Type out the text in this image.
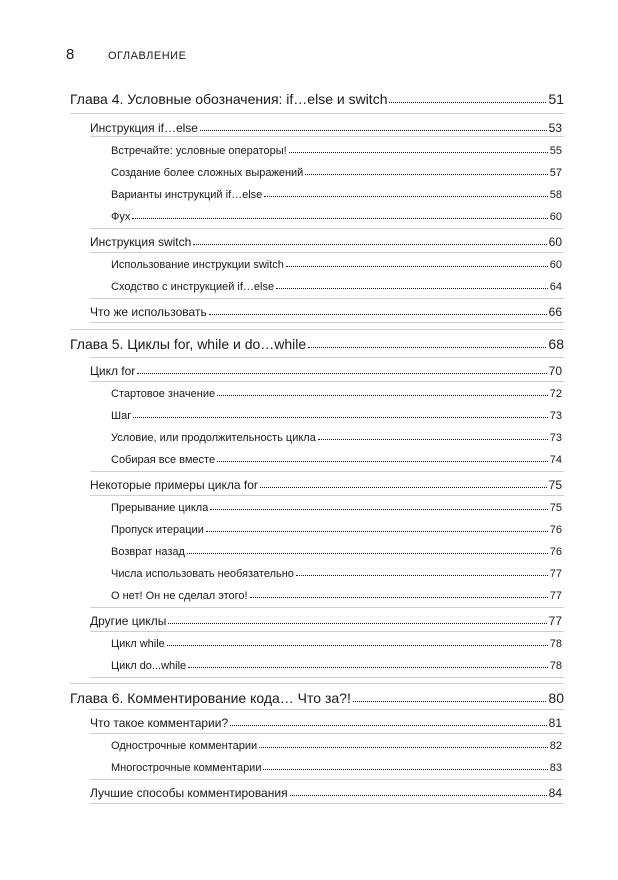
8	ОГЛАВЛЕНИЕ
Глава 4. Условные обозначения: if…else и switch	51
Инструкция if…else	53
Встречайте: условные операторы!	55
Создание более сложных выражений	57
Варианты инструкций if…else	58
Фух	60
Инструкция switch	60
Использование инструкции switch	60
Сходство с инструкцией if…else	64
Что же использовать	66
Глава 5. Циклы for, while и do…while	68
Цикл for	70
Стартовое значение	72
Шаг	73
Условие, или продолжительность цикла	73
Собирая все вместе	74
Некоторые примеры цикла for	75
Прерывание цикла	75
Пропуск итерации	76
Возврат назад	76
Числа использовать необязательно	77
О нет! Он не сделал этого!	77
Другие циклы	77
Цикл while	78
Цикл do...while	78
Глава 6. Комментирование кода… Что за?!	80
Что такое комментарии?	81
Однострочные комментарии	82
Многострочные комментарии	83
Лучшие способы комментирования	84
